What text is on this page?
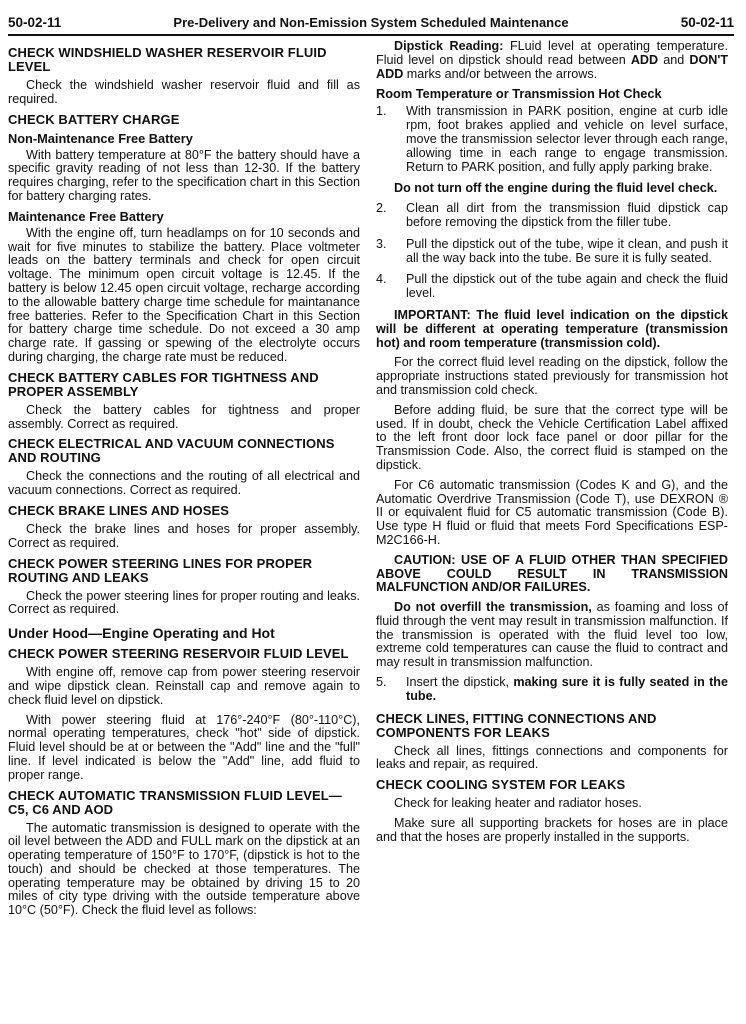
50-02-11	Pre-Delivery and Non-Emission System Scheduled Maintenance	50-02-11
CHECK WINDSHIELD WASHER RESERVOIR FLUID LEVEL

Check the windshield washer reservoir fluid and fill as required.

CHECK BATTERY CHARGE
Non-Maintenance Free Battery

With battery temperature at 80°F the battery should have a specific gravity reading of not less than 12-30. If the battery requires charging, refer to the specification chart in this Section for battery charging rates.

Maintenance Free Battery

With the engine off, turn headlamps on for 10 seconds and wait for five minutes to stabilize the battery. Place voltmeter leads on the battery terminals and check for open circuit voltage. The minimum open circuit voltage is 12.45. If the battery is below 12.45 open circuit voltage, recharge according to the allowable battery charge time schedule for maintanance free batteries. Refer to the Specification Chart in this Section for battery charge time schedule. Do not exceed a 30 amp charge rate. If gassing or spewing of the electrolyte occurs during charging, the charge rate must be reduced.

CHECK BATTERY CABLES FOR TIGHTNESS AND PROPER ASSEMBLY

Check the battery cables for tightness and proper assembly. Correct as required.

CHECK ELECTRICAL AND VACUUM CONNECTIONS AND ROUTING

Check the connections and the routing of all electrical and vacuum connections. Correct as required.

CHECK BRAKE LINES AND HOSES

Check the brake lines and hoses for proper assembly. Correct as required.

CHECK POWER STEERING LINES FOR PROPER ROUTING AND LEAKS

Check the power steering lines for proper routing and leaks. Correct as required.

Under Hood—Engine Operating and Hot
CHECK POWER STEERING RESERVOIR FLUID LEVEL

With engine off, remove cap from power steering reservoir and wipe dipstick clean. Reinstall cap and remove again to check fluid level on dipstick.

With power steering fluid at 176°-240°F (80°-110°C), normal operating temperatures, check "hot" side of dipstick. Fluid level should be at or between the "Add" line and the "full" line. If level indicated is below the "Add" line, add fluid to proper range.

CHECK AUTOMATIC TRANSMISSION FLUID LEVEL—C5, C6 AND AOD

The automatic transmission is designed to operate with the oil level between the ADD and FULL mark on the dipstick at an operating temperature of 150°F to 170°F, (dipstick is hot to the touch) and should be checked at those temperatures. The operating temperature may be obtained by driving 15 to 20 miles of city type driving with the outside temperature above 10°C (50°F). Check the fluid level as follows:

Dipstick Reading: FLuid level at operating temperature. Fluid level on dipstick should read between ADD and DON'T ADD marks and/or between the arrows.

Room Temperature or Transmission Hot Check
1.	With transmission in PARK position, engine at curb idle rpm, foot brakes applied and vehicle on level surface, move the transmission selector lever through each range, allowing time in each range to engage transmission. Return to PARK position, and fully apply parking brake.

Do not turn off the engine during the fluid level check.

2.	Clean all dirt from the transmission fluid dipstick cap before removing the dipstick from the filler tube.
3.	Pull the dipstick out of the tube, wipe it clean, and push it all the way back into the tube. Be sure it is fully seated.
4.	Pull the dipstick out of the tube again and check the fluid level.

IMPORTANT: The fluid level indication on the dipstick will be different at operating temperature (transmission hot) and room temperature (transmission cold).

For the correct fluid level reading on the dipstick, follow the appropriate instructions stated previously for transmission hot and transmission cold check.

Before adding fluid, be sure that the correct type will be used. If in doubt, check the Vehicle Certification Label affixed to the left front door lock face panel or door pillar for the Transmission Code. Also, the correct fluid is stamped on the dipstick.

For C6 automatic transmission (Codes K and G), and the Automatic Overdrive Transmission (Code T), use DEXRON ® II or equivalent fluid for C5 automatic transmission (Code B). Use type H fluid or fluid that meets Ford Specifications ESP-M2C166-H.

CAUTION: USE OF A FLUID OTHER THAN SPECIFIED ABOVE COULD RESULT IN TRANSMISSION MALFUNCTION AND/OR FAILURES.

Do not overfill the transmission, as foaming and loss of fluid through the vent may result in transmission malfunction. If the transmission is operated with the fluid level too low, extreme cold temperatures can cause the fluid to contract and may result in transmission malfunction.

5.	Insert the dipstick, making sure it is fully seated in the tube.
CHECK LINES, FITTING CONNECTIONS AND COMPONENTS FOR LEAKS

Check all lines, fittings connections and components for leaks and repair, as required.

CHECK COOLING SYSTEM FOR LEAKS

Check for leaking heater and radiator hoses.

Make sure all supporting brackets for hoses are in place and that the hoses are properly installed in the supports.
